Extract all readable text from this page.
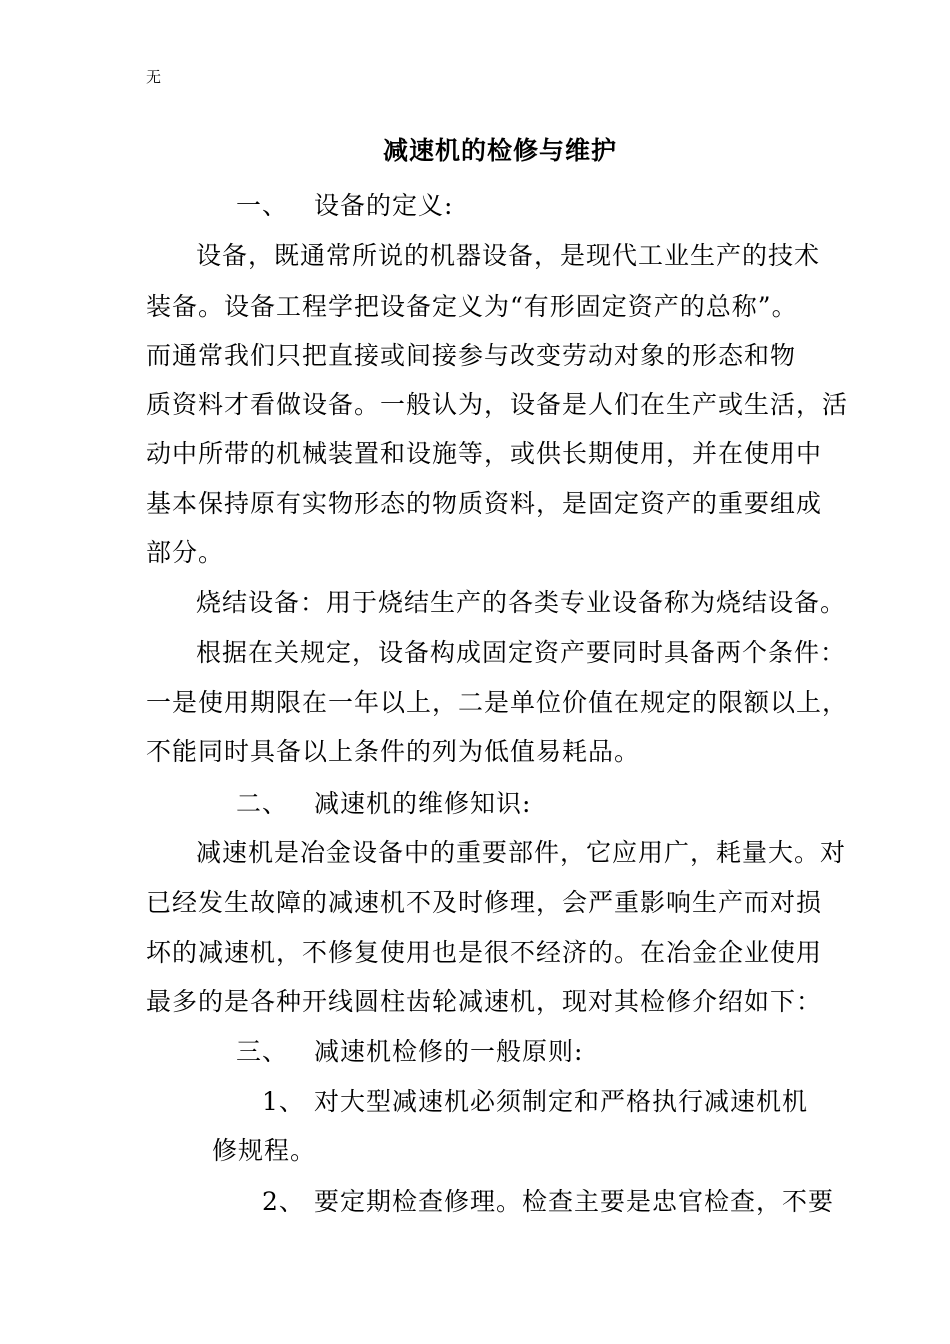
无
减速机的检修与维护
一、 设备的定义:
设备，既通常所说的机器设备，是现代工业生产的技术
装备。设备工程学把设备定义为“有形固定资产的总称”。
而通常我们只把直接或间接参与改变劳动对象的形态和物
质资料才看做设备。一般认为，设备是人们在生产或生活，活
动中所带的机械装置和设施等，或供长期使用，并在使用中
基本保持原有实物形态的物质资料，是固定资产的重要组成
部分。
烧结设备：用于烧结生产的各类专业设备称为烧结设备。
根据在关规定，设备构成固定资产要同时具备两个条件：
一是使用期限在一年以上，二是单位价值在规定的限额以上，
不能同时具备以上条件的列为低值易耗品。
二、 减速机的维修知识:
减速机是冶金设备中的重要部件，它应用广，耗量大。对
已经发生故障的减速机不及时修理，会严重影响生产而对损
坏的减速机，不修复使用也是很不经济的。在冶金企业使用
最多的是各种开线圆柱齿轮减速机，现对其检修介绍如下：
三、 减速机检修的一般原则:
1、 对大型减速机必须制定和严格执行减速机机
修规程。
2、 要定期检查修理。检查主要是忠官检查，不要
